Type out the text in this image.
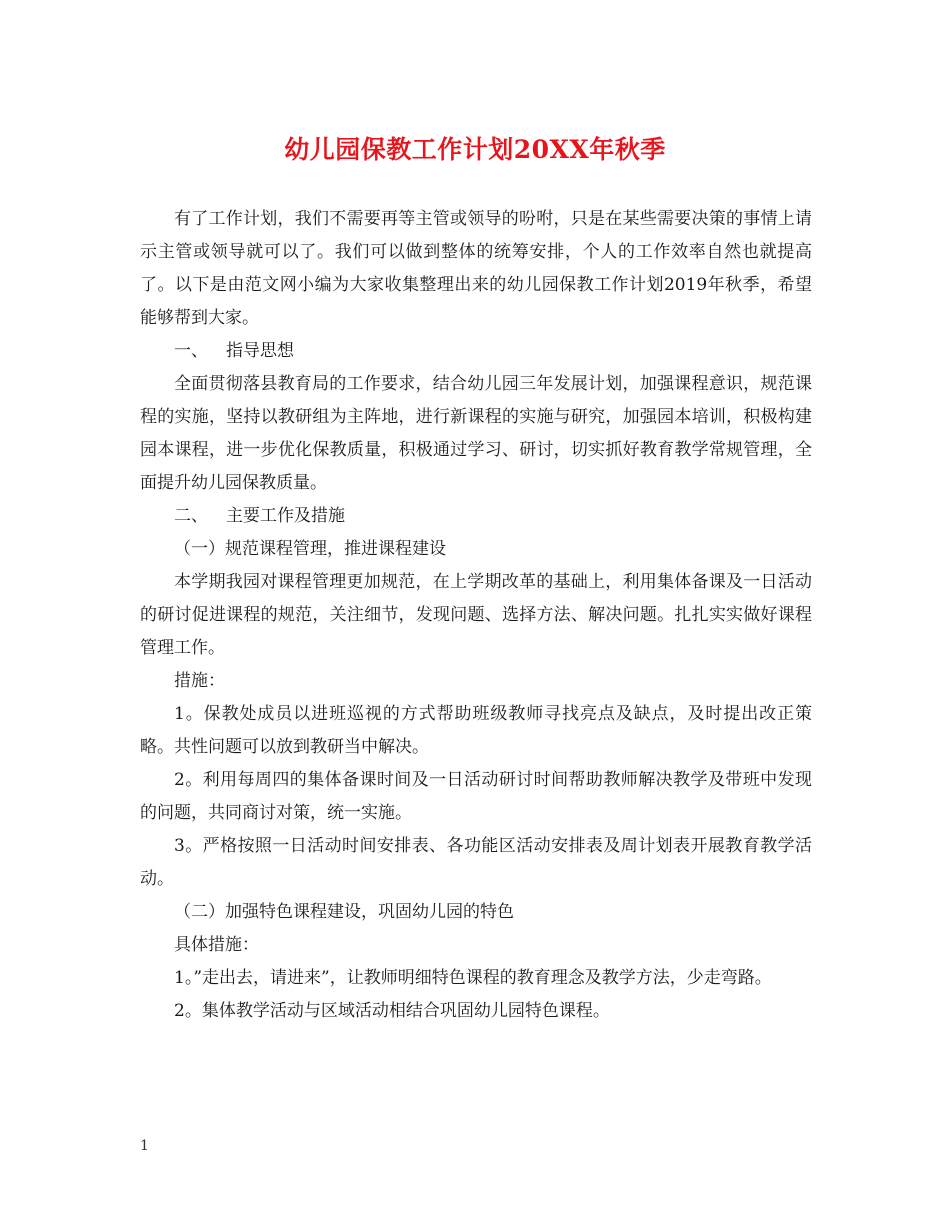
幼儿园保教工作计划20XX年秋季

有了工作计划，我们不需要再等主管或领导的吩咐，只是在某些需要决策的事情上请示主管或领导就可以了。我们可以做到整体的统筹安排，个人的工作效率自然也就提高了。以下是由范文网小编为大家收集整理出来的幼儿园保教工作计划2019年秋季，希望能够帮到大家。

一、 指导思想

全面贯彻落县教育局的工作要求，结合幼儿园三年发展计划，加强课程意识，规范课程的实施，坚持以教研组为主阵地，进行新课程的实施与研究，加强园本培训，积极构建园本课程，进一步优化保教质量，积极通过学习、研讨，切实抓好教育教学常规管理，全面提升幼儿园保教质量。

二、 主要工作及措施

（一）规范课程管理，推进课程建设

本学期我园对课程管理更加规范，在上学期改革的基础上，利用集体备课及一日活动的研讨促进课程的规范，关注细节，发现问题、选择方法、解决问题。扎扎实实做好课程管理工作。

措施：

1。保教处成员以进班巡视的方式帮助班级教师寻找亮点及缺点，及时提出改正策略。共性问题可以放到教研当中解决。

2。利用每周四的集体备课时间及一日活动研讨时间帮助教师解决教学及带班中发现的问题，共同商讨对策，统一实施。

3。严格按照一日活动时间安排表、各功能区活动安排表及周计划表开展教育教学活动。

（二）加强特色课程建设，巩固幼儿园的特色

具体措施：

1。”走出去，请进来”，让教师明细特色课程的教育理念及教学方法，少走弯路。

2。集体教学活动与区域活动相结合巩固幼儿园特色课程。

1
